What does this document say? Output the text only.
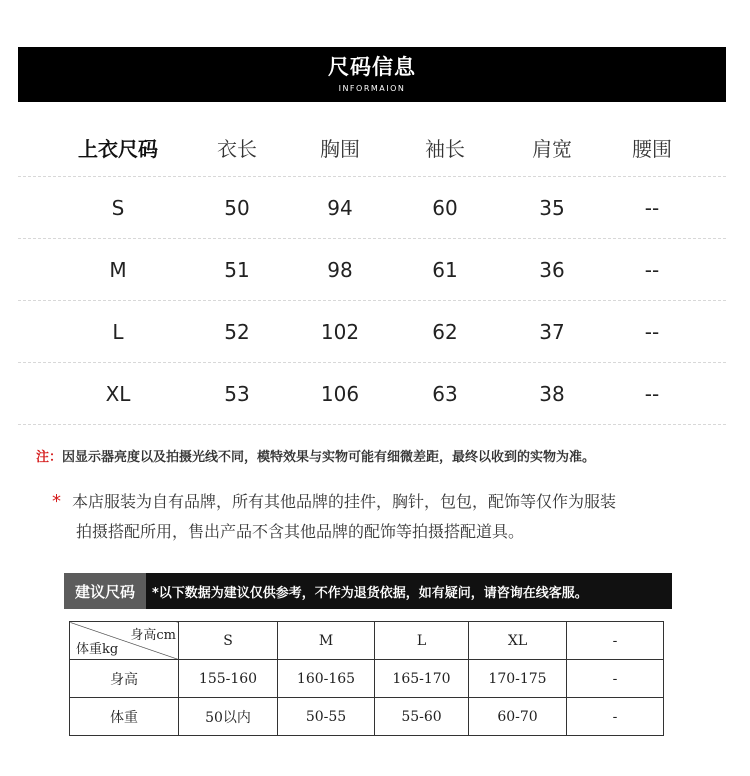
尺码信息
INFORMAION
上衣尺码	衣长	胸围	袖长	肩宽	腰围
S	50	94	60	35	--
M	51	98	61	36	--
L	52	102	62	37	--
XL	53	106	63	38	--
注：因显示器亮度以及拍摄光线不同，模特效果与实物可能有细微差距，最终以收到的实物为准。
* 本店服装为自有品牌，所有其他品牌的挂件，胸针，包包，配饰等仅作为服装
拍摄搭配所用，售出产品不含其他品牌的配饰等拍摄搭配道具。
建议尺码	*以下数据为建议仅供参考，不作为退货依据，如有疑问，请咨询在线客服。
身高cm
体重kg	S	M	L	XL	-
身高	155-160	160-165	165-170	170-175	-
体重	50以内	50-55	55-60	60-70	-
